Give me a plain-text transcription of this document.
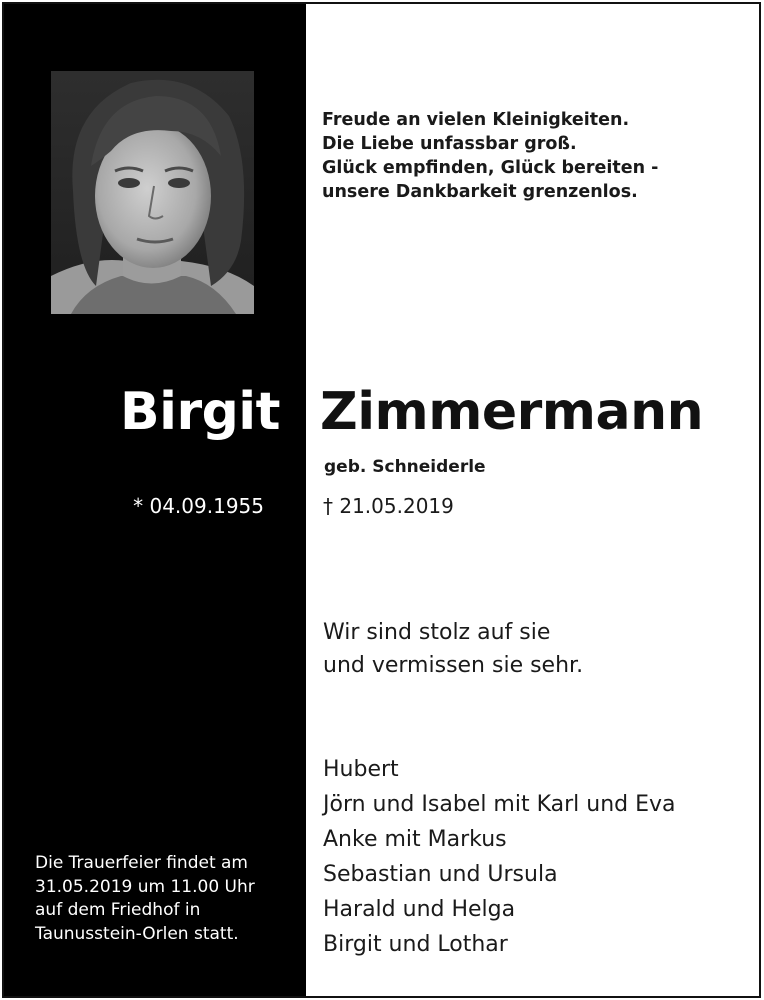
Freude an vielen Kleinigkeiten.
Die Liebe unfassbar groß.
Glück empfinden, Glück bereiten -
unsere Dankbarkeit grenzenlos.
Birgit Zimmermann
geb. Schneiderle
* 04.09.1955	† 21.05.2019
Wir sind stolz auf sie
und vermissen sie sehr.
Hubert
Jörn und Isabel mit Karl und Eva
Anke mit Markus
Sebastian und Ursula
Harald und Helga
Birgit und Lothar
Die Trauerfeier findet am
31.05.2019 um 11.00 Uhr
auf dem Friedhof in
Taunusstein-Orlen statt.
